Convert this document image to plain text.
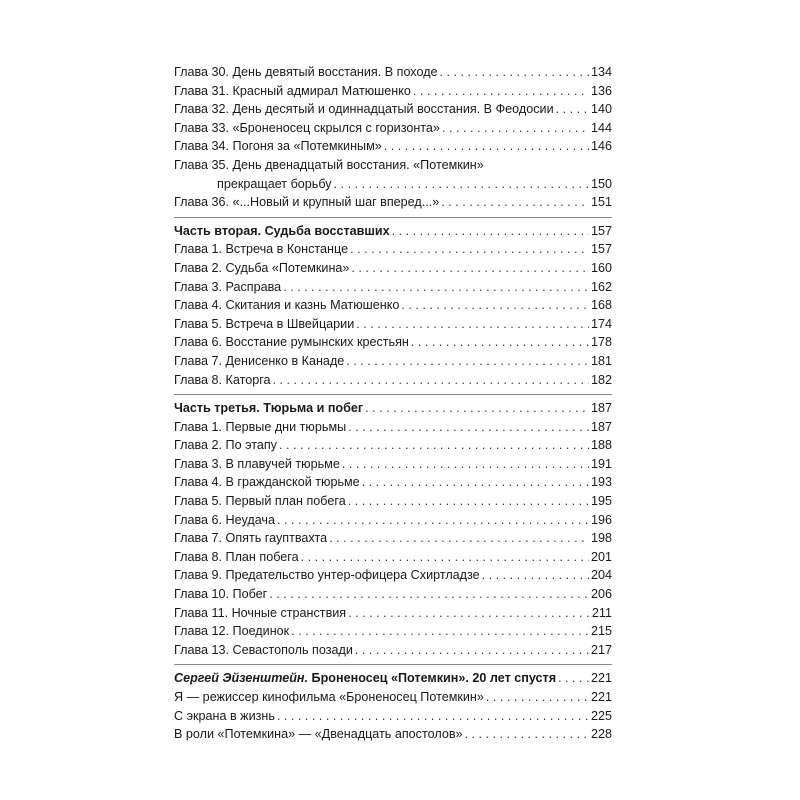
Глава 30. День девятый восстания. В походе . . .	134
Глава 31. Красный адмирал Матюшенко . . .	136
Глава 32. День десятый и одиннадцатый восстания. В Феодосии . . .	140
Глава 33. «Броненосец скрылся с горизонта» . . .	144
Глава 34. Погоня за «Потемкиным» . . .	146
Глава 35. День двенадцатый восстания. «Потемкин»
прекращает борьбу . . .	150
Глава 36. «...Новый и крупный шаг вперед...» . . .	151
Часть вторая. Судьба восставших . . .	157
Глава 1. Встреча в Констанце . . .	157
Глава 2. Судьба «Потемкина» . . .	160
Глава 3. Расправа . . .	162
Глава 4. Скитания и казнь Матюшенко . . .	168
Глава 5. Встреча в Швейцарии . . .	174
Глава 6. Восстание румынских крестьян . . .	178
Глава 7. Денисенко в Канаде . . .	181
Глава 8. Каторга . . .	182
Часть третья. Тюрьма и побег . . .	187
Глава 1. Первые дни тюрьмы . . .	187
Глава 2. По этапу . . .	188
Глава 3. В плавучей тюрьме . . .	191
Глава 4. В гражданской тюрьме . . .	193
Глава 5. Первый план побега . . .	195
Глава 6. Неудача . . .	196
Глава 7. Опять гауптвахта . . .	198
Глава 8. План побега . . .	201
Глава 9. Предательство унтер-офицера Схиртладзе . . .	204
Глава 10. Побег . . .	206
Глава 11. Ночные странствия . . .	211
Глава 12. Поединок . . .	215
Глава 13. Севастополь позади . . .	217
Сергей Эйзенштейн. Броненосец «Потемкин». 20 лет спустя . . .	221
Я — режиссер кинофильма «Броненосец Потемкин» . . .	221
С экрана в жизнь . . .	225
В роли «Потемкина» — «Двенадцать апостолов» . . .	228
